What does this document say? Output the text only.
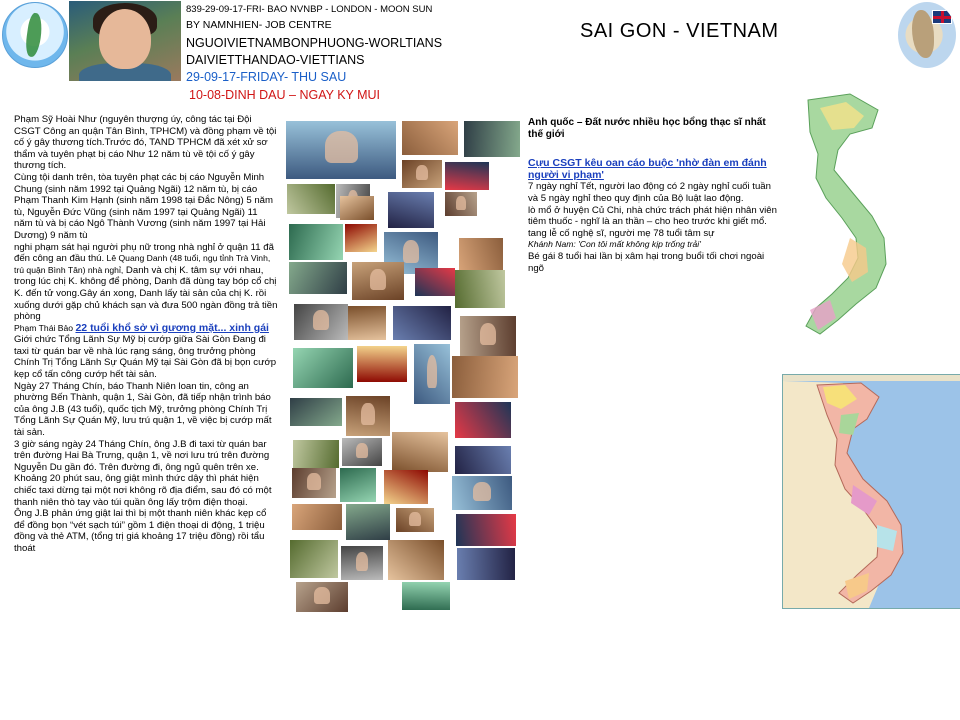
839-29-09-17-FRI- BAO NVNBP - LONDON - MOON SUN
BY NAMNHIEN- JOB CENTRE
NGUOIVIETNAMBONPHUONG-WORLTIANS
DAIVIETTHANDAO-VIETTIANS
29-09-17-FRIDAY- THU SAU
10-08-DINH DAU – NGAY KY MUI
SAI GON - VIETNAM

Phạm Sỹ Hoài Như (nguyên thượng úy, công tác tại Đội CSGT Công an quận Tân Bình, TPHCM) và đồng phạm về tội cố ý gây thương tích.Trước đó, TAND TPHCM đã xét xử sơ thẩm và tuyên phạt bị cáo Như 12 năm tù về tội cố ý gây thương tích.

Cùng tội danh trên, tòa tuyên phạt các bị cáo Nguyễn Minh Chung (sinh năm 1992 tại Quảng Ngãi) 12 năm tù, bị cáo Phạm Thanh Kim Hạnh (sinh năm 1998 tại Đắc Nông) 5 năm tù, Nguyễn Đức Vũng (sinh năm 1997 tại Quảng Ngãi) 11 năm tù và bị cáo Ngô Thành Vương (sinh năm 1997 tại Hải Dương) 9 năm tù

nghi phạm sát hại người phụ nữ trong nhà nghỉ ở quận 11 đã đến công an đầu thú. Lê Quang Danh (48 tuổi, ngụ tỉnh Trà Vinh, trú quận Bình Tân) nhà nghỉ, Danh và chị K. tâm sự với nhau, trong lúc chị K. không để phòng, Danh đã dùng tay bóp cổ chị K. đến tử vong.Gây án xong, Danh lấy tài sản của chị K. rồi xuống dưới gặp chủ khách sạn và đưa 500 ngàn đồng trả tiền phòng

Phạm Thái Bảo 22 tuổi khổ sở vì gương mặt... xinh gái

Giới chức Tổng Lãnh Sự Mỹ bị cướp giữa Sài Gòn Đang đi taxi từ quán bar về nhà lúc rạng sáng, ông trưởng phòng Chính Trị Tổng Lãnh Sự Quán Mỹ tại Sài Gòn đã bị bọn cướp kẹp cổ tấn công cướp hết tài sản.

Ngày 27 Tháng Chín, báo Thanh Niên loan tin, công an phường Bến Thành, quận 1, Sài Gòn, đã tiếp nhận trình báo của ông J.B (43 tuổi), quốc tịch Mỹ, trưởng phòng Chính Trị Tổng Lãnh Sự Quán Mỹ, lưu trú quận 1, về việc bị cướp mất tài sản.

3 giờ sáng ngày 24 Tháng Chín, ông J.B đi taxi từ quán bar trên đường Hai Bà Trưng, quận 1, về nơi lưu trú trên đường Nguyễn Du gần đó. Trên đường đi, ông ngủ quên trên xe. Khoảng 20 phút sau, ông giật mình thức dậy thì phát hiện chiếc taxi dừng tại một nơi không rõ địa điểm, sau đó có một thanh niên thò tay vào túi quần ông lấy trộm điện thoại.

Ông J.B phản ứng giật lai thì bị một thanh niên khác kẹp cổ để đồng bọn “vét sạch túi” gồm 1 điện thoại di động, 1 triệu đồng và thẻ ATM, (tổng trị giá khoảng 17 triệu đồng) rồi tẩu thoát

Anh quốc – Đất nước nhiều học bổng thạc sĩ nhất thế giới

Cựu CSGT kêu oan cáo buộc 'nhờ đàn em đánh người vi phạm'

7 ngày nghỉ Tết, người lao động có 2 ngày nghỉ cuối tuần và 5 ngày nghỉ theo quy định của Bộ luật lao động.

lò mổ ở huyện Củ Chi, nhà chức trách phát hiện nhân viên tiêm thuốc - nghĩ là an thần – cho heo trước khi giết mổ.

tang lễ cố nghệ sĩ, người mẹ 78 tuổi tâm sự

Khánh Nam: 'Con tôi mất không kịp trống trải'

Bé gái 8 tuổi hai lần bị xâm hại trong buổi tối chơi ngoài ngõ
